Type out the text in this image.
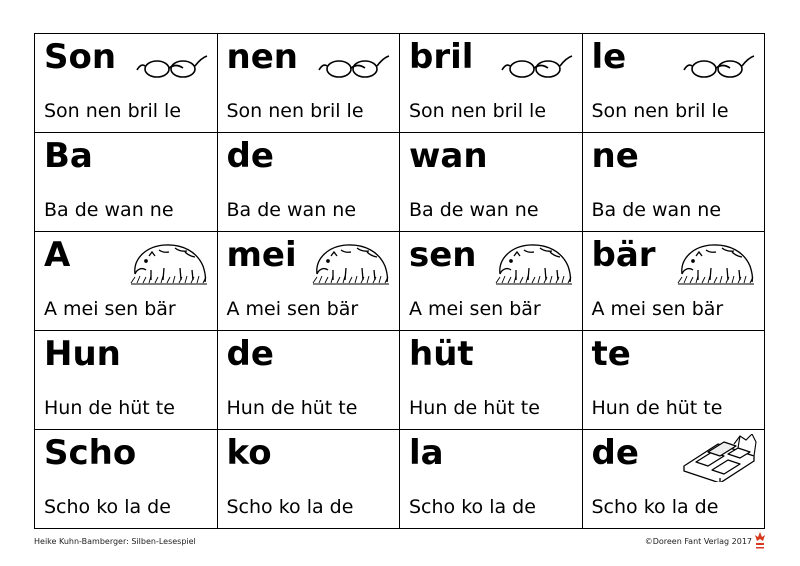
Son
Son nen bril le
nen
Son nen bril le
bril
Son nen bril le
le
Son nen bril le
Ba
Ba de wan ne
de
Ba de wan ne
wan
Ba de wan ne
ne
Ba de wan ne
A
A mei sen bär
mei
A mei sen bär
sen
A mei sen bär
bär
A mei sen bär
Hun
Hun de hüt te
de
Hun de hüt te
hüt
Hun de hüt te
te
Hun de hüt te
Scho
Scho ko la de
ko
Scho ko la de
la
Scho ko la de
de
Scho ko la de
Heike Kuhn-Bamberger: Silben-Lesespiel	©Doreen Fant Verlag 2017
